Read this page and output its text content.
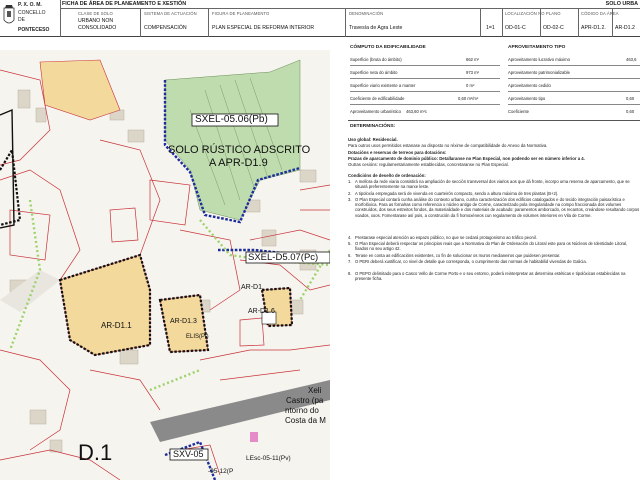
P. X. O. M.
CONCELLO
DE
PONTECESO
FICHA DE ÁREA DE PLANEAMENTO E XESTIÓN	SOLO URBA
CLASE DE SOLO
URBANO NON
CONSOLIDADO
SISTEMA DE ACTUACIÓN
COMPENSACIÓN
FIGURA DE PLANEAMENTO
PLAN ESPECIAL DE REFORMA INTERIOR
DENOMINACIÓN
Travesía de Agra Leste	1=1
LOCALIZACIÓN NO PLANO
OD-01-C	OD-02-C
CÓDIGO DA ÁREA
APR-D1.2. AR-D1.2
SXEL-05.06(Pb)
SOLO RÚSTICO ADSCRITO
A APR-D1.9
SXEL-D5.07(Pc)
AR-D1.1	AR-D1.3
AR-D1.6
AR-D1.
D.1	SXV-05	LEsc-05-11(Pv)
-05-12(P
ELIS(Pt)
Castro (pa
ntorno do
Costa da M
Xeli
CÓMPUTO DA EDIFICABILIDADE	APROVEITAMENTO TIPO
Superficie (bruta do ámbito)	662 m²
Superficie neta do ámbito	973 m²
Superficie viario existente a manter	0 m²
Coeficiente de edificabilidade	0,60 m²/m²
Aproveitamento urbanístico 463,60 m²c
Aproveitamento lucrativo máximo	463,6
Aproveitamento patrimonializable
Aproveitamento cedido
Aproveitamento tipo	0,60
Coeficiente	0,60
DETERMINACIÓNS:
Uso global: Residencial.
Para outros usos permitidos estanase ao disposto no réxime de compatibilidade do Anexo da Normativa.
Dotacións e reservas de terreos para dotacións:
Prazas de aparcamento de dominio público: Detallaranse no Plan Especial, non podendo ser en número inferior a 4.
Outras cesións: regulamentariamente establecidas, concretaranse no Plan Especial.
Condicións de deseño de ordenación:
1. A mellora da rede viaria consistirá na ampliación de sección transversal dos viarios aos que dá fronte, incorpo urna reserva de aparcamento, que se situará preferentemente na marxe leste.
2. A tipoloxía empregada será de vivenda en cuarteirón compacto, sendo a altura máxima de tres plantas (B+2).
3. O Plan Especial contará cunha análise do contexto urbano, cunha caracterización dos edificios catalogados e do tecido integración paisaxística e morfolóxica. Para as fornalras como referencia o núcleo antigo de Corme, caracterizado pola irregularidade na compo fraccionada dos volumes construídos, dos seus estreitos fondos, da materialidade e dos materiais de acabado: paramentos amborcado, os recantos, creándose resultando corpos voados, xoos. Fomentarase así pois, a construción da fi homoxéneos cun regulamento de volumes interiores en Vila de Corme.
4. Prestarase especial atención ao espazo público, no que se cedará protagonismo ao tráfico peonil.
5. O Plan Especial deberá respectar os principios reais que a Normativa do Plan de Ordenación do Litoral este para os Núcleos de Identidade Litoral, fixados no seu artigo 42.
6. Terase en conta as edificacións existentes, co fin de solucionar os muros medianeiros que puidesen presentar.
7. O PERI deberá xustificar, co nivel de detalle que corresponda, o cumprimento das normas de habitabilid vivendas de Galicia.
8. O PEPO delimitado para o Casco Vello de Corme Porto e o seu entorno, poderá reinterpretar as determina estéticas e tipolóxicas establecidas na presente ficha.
